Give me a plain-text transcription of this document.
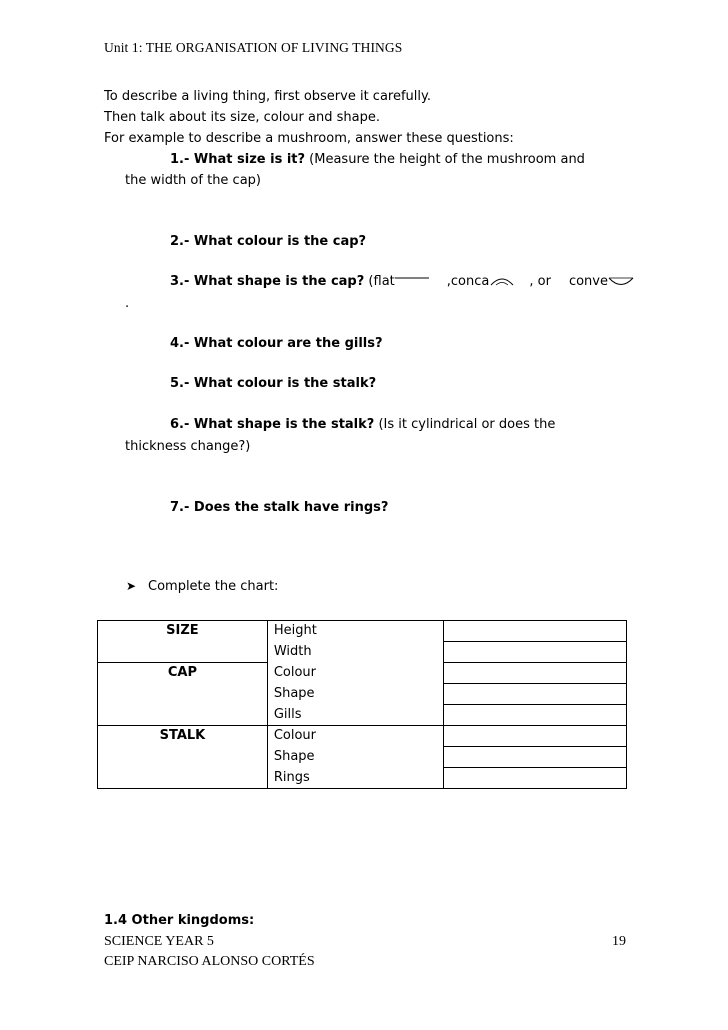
Unit 1: THE ORGANISATION OF LIVING THINGS
To describe a living thing, first observe it carefully.
Then talk about its size, colour and shape.
For example to describe a mushroom, answer these questions:
1.- What size is it? (Measure the height of the mushroom and
the width of the cap)
2.- What colour is the cap?
3.- What shape is the cap? (flat	,conca	, or conve
.
4.- What colour are the gills?
5.- What colour is the stalk?
6.- What shape is the stalk? (Is it cylindrical or does the
thickness change?)
7.- Does the stalk have rings?
➤ Complete the chart:
SIZE	Height	
	Width	
CAP	Colour	
	Shape	
	Gills	
STALK	Colour	
	Shape	
	Rings	
1.4 Other kingdoms:
SCIENCE YEAR 5
CEIP NARCISO ALONSO CORTÉS
19
